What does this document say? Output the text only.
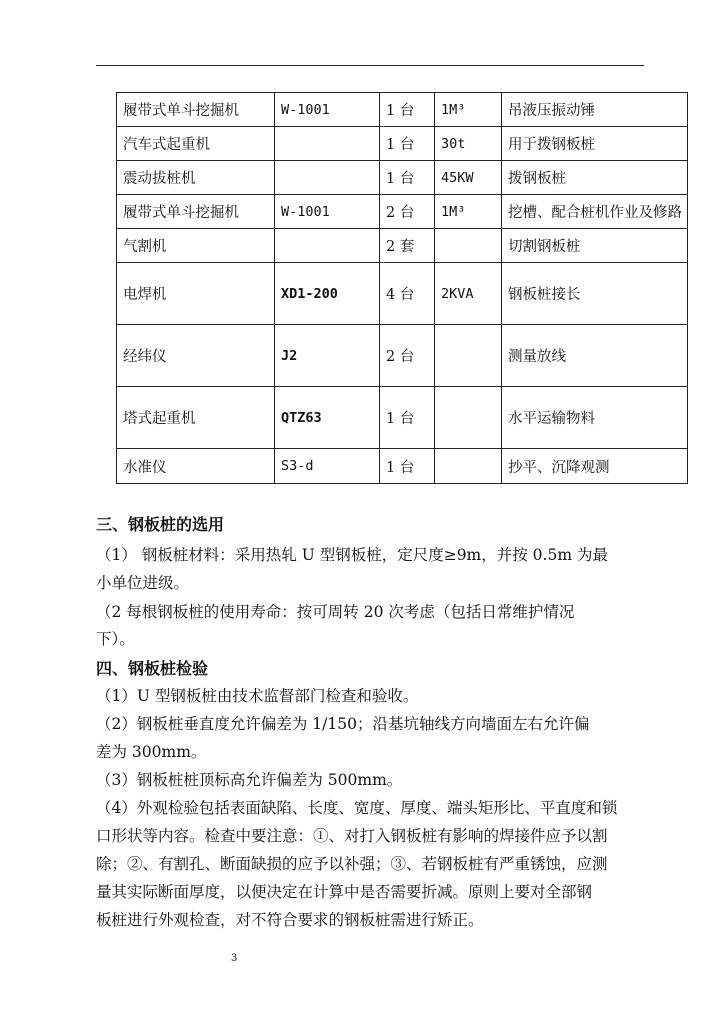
履带式单斗挖掘机	W-1001	1 台	1M³	吊液压振动锤
汽车式起重机		1 台	30t	用于拨钢板桩
震动拔桩机		1 台	45KW	拨钢板桩
履带式单斗挖掘机	W-1001	2 台	1M³	挖槽、配合桩机作业及修路
气割机		2 套		切割钢板桩
电焊机	XD1-200	4 台	2KVA	钢板桩接长
经纬仪	J2	2 台		测量放线
塔式起重机	QTZ63	1 台		水平运输物料
水准仪	S3-d	1 台		抄平、沉降观测
三、钢板桩的选用
（1） 钢板桩材料：采用热轧 U 型钢板桩，定尺度≥9m，并按 0.5m 为最
小单位进级。
（2 每根钢板桩的使用寿命：按可周转 20 次考虑（包括日常维护情况
下）。
四、钢板桩检验
（1）U 型钢板桩由技术监督部门检查和验收。
（2）钢板桩垂直度允许偏差为 1/150；沿基坑轴线方向墙面左右允许偏
差为 300mm。
（3）钢板桩桩顶标高允许偏差为 500mm。
（4）外观检验包括表面缺陷、长度、宽度、厚度、端头矩形比、平直度和锁
口形状等内容。检查中要注意：①、对打入钢板桩有影响的焊接件应予以割
除；②、有割孔、断面缺损的应予以补强；③、若钢板桩有严重锈蚀，应测
量其实际断面厚度，以便决定在计算中是否需要折减。原则上要对全部钢
板桩进行外观检查，对不符合要求的钢板桩需进行矫正。
3
